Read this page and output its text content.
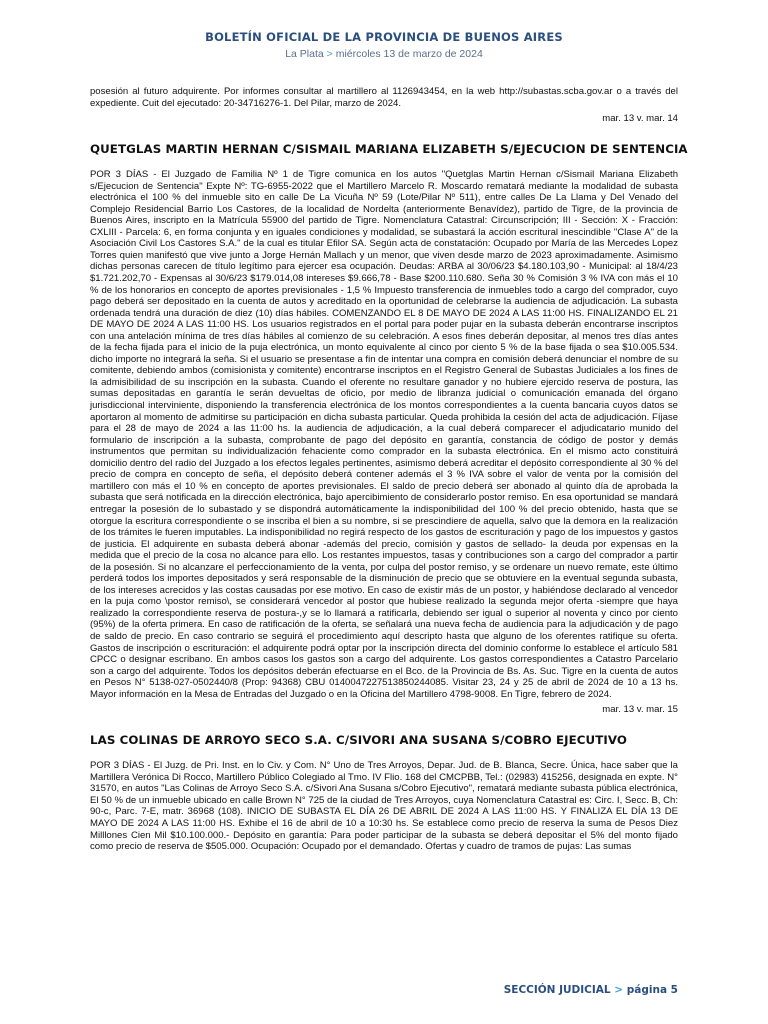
BOLETÍN OFICIAL DE LA PROVINCIA DE BUENOS AIRES
La Plata > miércoles 13 de marzo de 2024

posesión al futuro adquirente. Por informes consultar al martillero al 1126943454, en la web http://subastas.scba.gov.ar o a través del expediente. Cuit del ejecutado: 20-34716276-1. Del Pilar, marzo de 2024.

mar. 13 v. mar. 14
QUETGLAS MARTIN HERNAN C/SISMAIL MARIANA ELIZABETH S/EJECUCION DE SENTENCIA

POR 3 DÍAS - El Juzgado de Familia Nº 1 de Tigre comunica en los autos "Quetglas Martin Hernan c/Sismail Mariana Elizabeth s/Ejecucion de Sentencia" Expte Nº: TG-6955-2022 que el Martillero Marcelo R. Moscardo rematará mediante la modalidad de subasta electrónica el 100 % del inmueble sito en calle De La Vicuña Nº 59 (Lote/Pilar Nº 511), entre calles De La Llama y Del Venado del Complejo Residencial Barrio Los Castores, de la localidad de Nordelta (anteriormente Benavídez), partido de Tigre, de la provincia de Buenos Aires, inscripto en la Matrícula 55900 del partido de Tigre. Nomenclatura Catastral: Circunscripción; III - Sección: X - Fracción: CXLIII - Parcela: 6, en forma conjunta y en iguales condiciones y modalidad, se subastará la acción escritural inescindible "Clase A" de la Asociación Civil Los Castores S.A." de la cual es titular Efilor SA. Según acta de constatación: Ocupado por María de las Mercedes Lopez Torres quien manifestó que vive junto a Jorge Hernán Mallach y un menor, que viven desde marzo de 2023 aproximadamente. Asimismo dichas personas carecen de título legítimo para ejercer esa ocupación. Deudas: ARBA al 30/06/23 $4.180.103,90 - Municipal: al 18/4/23 $1.721.202,70 - Expensas al 30/6/23 $179.014,08 intereses $9.666,78 - Base $200.110.680. Seña 30 % Comisión 3 % IVA con más el 10 % de los honorarios en concepto de aportes previsionales - 1,5 % Impuesto transferencia de inmuebles todo a cargo del comprador, cuyo pago deberá ser depositado en la cuenta de autos y acreditado en la oportunidad de celebrarse la audiencia de adjudicación. La subasta ordenada tendrá una duración de diez (10) días hábiles. COMENZANDO EL 8 DE MAYO DE 2024 A LAS 11:00 HS. FINALIZANDO EL 21 DE MAYO DE 2024 A LAS 11:00 HS. Los usuarios registrados en el portal para poder pujar en la subasta deberán encontrarse inscriptos con una antelación mínima de tres días hábiles al comienzo de su celebración. A esos fines deberán depositar, al menos tres días antes de la fecha fijada para el inicio de la puja electrónica, un monto equivalente al cinco por ciento 5 % de la base fijada o sea $10.005.534. dicho importe no integrará la seña. Si el usuario se presentase a fin de intentar una compra en comisión deberá denunciar el nombre de su comitente, debiendo ambos (comisionista y comitente) encontrarse inscriptos en el Registro General de Subastas Judiciales a los fines de la admisibilidad de su inscripción en la subasta. Cuando el oferente no resultare ganador y no hubiere ejercido reserva de postura, las sumas depositadas en garantía le serán devueltas de oficio, por medio de libranza judicial o comunicación emanada del órgano jurisdiccional interviniente, disponiendo la transferencia electrónica de los montos correspondientes a la cuenta bancaria cuyos datos se aportaron al momento de admitirse su participación en dicha subasta particular. Queda prohibida la cesión del acta de adjudicación. Fíjase para el 28 de mayo de 2024 a las 11:00 hs. la audiencia de adjudicación, a la cual deberá comparecer el adjudicatario munido del formulario de inscripción a la subasta, comprobante de pago del depósito en garantía, constancia de código de postor y demás instrumentos que permitan su individualización fehaciente como comprador en la subasta electrónica. En el mismo acto constituirá domicilio dentro del radio del Juzgado a los efectos legales pertinentes, asimismo deberá acreditar el depósito correspondiente al 30 % del precio de compra en concepto de seña, el depósito deberá contener además el 3 % IVA sobre el valor de venta por la comisión del martillero con más el 10 % en concepto de aportes previsionales. El saldo de precio deberá ser abonado al quinto día de aprobada la subasta que será notificada en la dirección electrónica, bajo apercibimiento de considerarlo postor remiso. En esa oportunidad se mandará entregar la posesión de lo subastado y se dispondrá automáticamente la indisponibilidad del 100 % del precio obtenido, hasta que se otorgue la escritura correspondiente o se inscriba el bien a su nombre, si se prescindiere de aquella, salvo que la demora en la realización de los trámites le fueren imputables. La indisponibilidad no regirá respecto de los gastos de escrituración y pago de los impuestos y gastos de justicia. El adquirente en subasta deberá abonar -además del precio, comisión y gastos de sellado- la deuda por expensas en la medida que el precio de la cosa no alcance para ello. Los restantes impuestos, tasas y contribuciones son a cargo del comprador a partir de la posesión. Si no alcanzare el perfeccionamiento de la venta, por culpa del postor remiso, y se ordenare un nuevo remate, este último perderá todos los importes depositados y será responsable de la disminución de precio que se obtuviere en la eventual segunda subasta, de los intereses acrecidos y las costas causadas por ese motivo. En caso de existir más de un postor, y habiéndose declarado al vencedor en la puja como \postor remiso\, se considerará vencedor al postor que hubiese realizado la segunda mejor oferta -siempre que haya realizado la correspondiente reserva de postura-,y se lo llamará a ratificarla, debiendo ser igual o superior al noventa y cinco por ciento (95%) de la oferta primera. En caso de ratificación de la oferta, se señalará una nueva fecha de audiencia para la adjudicación y de pago de saldo de precio. En caso contrario se seguirá el procedimiento aquí descripto hasta que alguno de los oferentes ratifique su oferta. Gastos de inscripción o escrituración: el adquirente podrá optar por la inscripción directa del dominio conforme lo establece el artículo 581 CPCC o designar escribano. En ambos casos los gastos son a cargo del adquirente. Los gastos correspondientes a Catastro Parcelario son a cargo del adquirente. Todos los depósitos deberán efectuarse en el Bco. de la Provincia de Bs. As. Suc. Tigre en la cuenta de autos en Pesos N° 5138-027-0502440/8 (Prop: 94368) CBU 0140047227513850244085. Visitar 23, 24 y 25 de abril de 2024 de 10 a 13 hs. Mayor información en la Mesa de Entradas del Juzgado o en la Oficina del Martillero 4798-9008. En Tigre, febrero de 2024.

mar. 13 v. mar. 15
LAS COLINAS DE ARROYO SECO S.A. C/SIVORI ANA SUSANA S/COBRO EJECUTIVO

POR 3 DÍAS - El Juzg. de Pri. Inst. en lo Civ. y Com. N° Uno de Tres Arroyos, Depar. Jud. de B. Blanca, Secre. Única, hace saber que la Martillera Verónica Di Rocco, Martillero Público Colegiado al Tmo. IV Flio. 168 del CMCPBB, Tel.: (02983) 415256, designada en expte. N° 31570, en autos "Las Colinas de Arroyo Seco S.A. c/Sivori Ana Susana s/Cobro Ejecutivo", rematará mediante subasta pública electrónica, El 50 % de un inmueble ubicado en calle Brown N° 725 de la ciudad de Tres Arroyos, cuya Nomenclatura Catastral es: Circ. I, Secc. B, Ch: 90-c, Parc. 7-E, matr. 36968 (108). INICIO DE SUBASTA EL DÍA 26 DE ABRIL DE 2024 A LAS 11:00 HS. Y FINALIZA EL DÍA 13 DE MAYO DE 2024 A LAS 11:00 HS. Exhibe el 16 de abril de 10 a 10:30 hs. Se establece como precio de reserva la suma de Pesos Diez Milllones Cien Mil $10.100.000.- Depósito en garantía: Para poder participar de la subasta se deberá depositar el 5% del monto fijado como precio de reserva de $505.000. Ocupación: Ocupado por el demandado. Ofertas y cuadro de tramos de pujas: Las sumas

SECCIÓN JUDICIAL > página 5
